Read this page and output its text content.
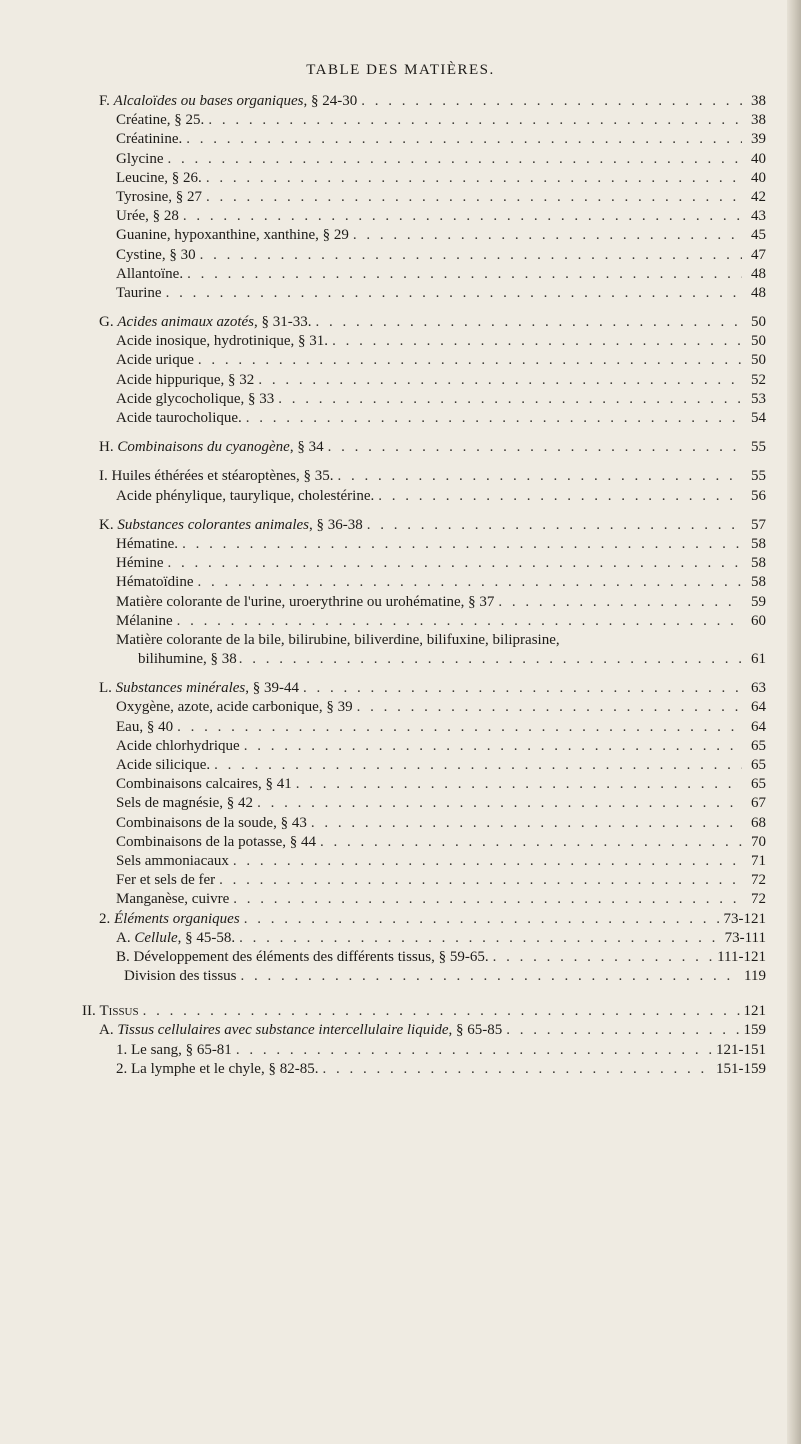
TABLE DES MATIÈRES.
F. Alcaloïdes ou bases organiques, § 24-30 . . .	38
Créatine, § 25. . . .	38
Créatinine. . . .	39
Glycine . . .	40
Leucine, § 26. . . .	40
Tyrosine, § 27 . . .	42
Urée, § 28 . . .	43
Guanine, hypoxanthine, xanthine, § 29 . . .	45
Cystine, § 30 . . .	47
Allantoïne. . . .	48
Taurine . . .	48
G. Acides animaux azotés, § 31-33. . . .	50
Acide inosique, hydrotinique, § 31. . . .	50
Acide urique . . .	50
Acide hippurique, § 32 . . .	52
Acide glycocholique, § 33 . . .	53
Acide taurocholique. . . .	54
H. Combinaisons du cyanogène, § 34 . . .	55
I. Huiles éthérées et stéaroptènes, § 35. . . .	55
Acide phénylique, taurylique, cholestérine. . . .	56
K. Substances colorantes animales, § 36-38 . . .	57
Hématine. . . .	58
Hémine . . .	58
Hématoïdine . . .	58
Matière colorante de l'urine, uroerythrine ou urohématine, § 37 . . .	59
Mélanine . . .	60
Matière colorante de la bile, bilirubine, biliverdine, bilifuxine, biliprasine,
bilihumine, § 38 . . .	61
L. Substances minérales, § 39-44 . . .	63
Oxygène, azote, acide carbonique, § 39 . . .	64
Eau, § 40 . . .	64
Acide chlorhydrique . . .	65
Acide silicique. . . .	65
Combinaisons calcaires, § 41 . . .	65
Sels de magnésie, § 42 . . .	67
Combinaisons de la soude, § 43 . . .	68
Combinaisons de la potasse, § 44 . . .	70
Sels ammoniacaux . . .	71
Fer et sels de fer . . .	72
Manganèse, cuivre . . .	72
2. Éléments organiques . . .	73-121
A. Cellule, § 45-58. . . .	73-111
B. Développement des éléments des différents tissus, § 59-65. . . .	111-121
Division des tissus . . .	119
II. Tissus . . .	121
A. Tissus cellulaires avec substance intercellulaire liquide, § 65-85 . . .	159
1. Le sang, § 65-81 . . .	121-151
2. La lymphe et le chyle, § 82-85. . . .	151-159
